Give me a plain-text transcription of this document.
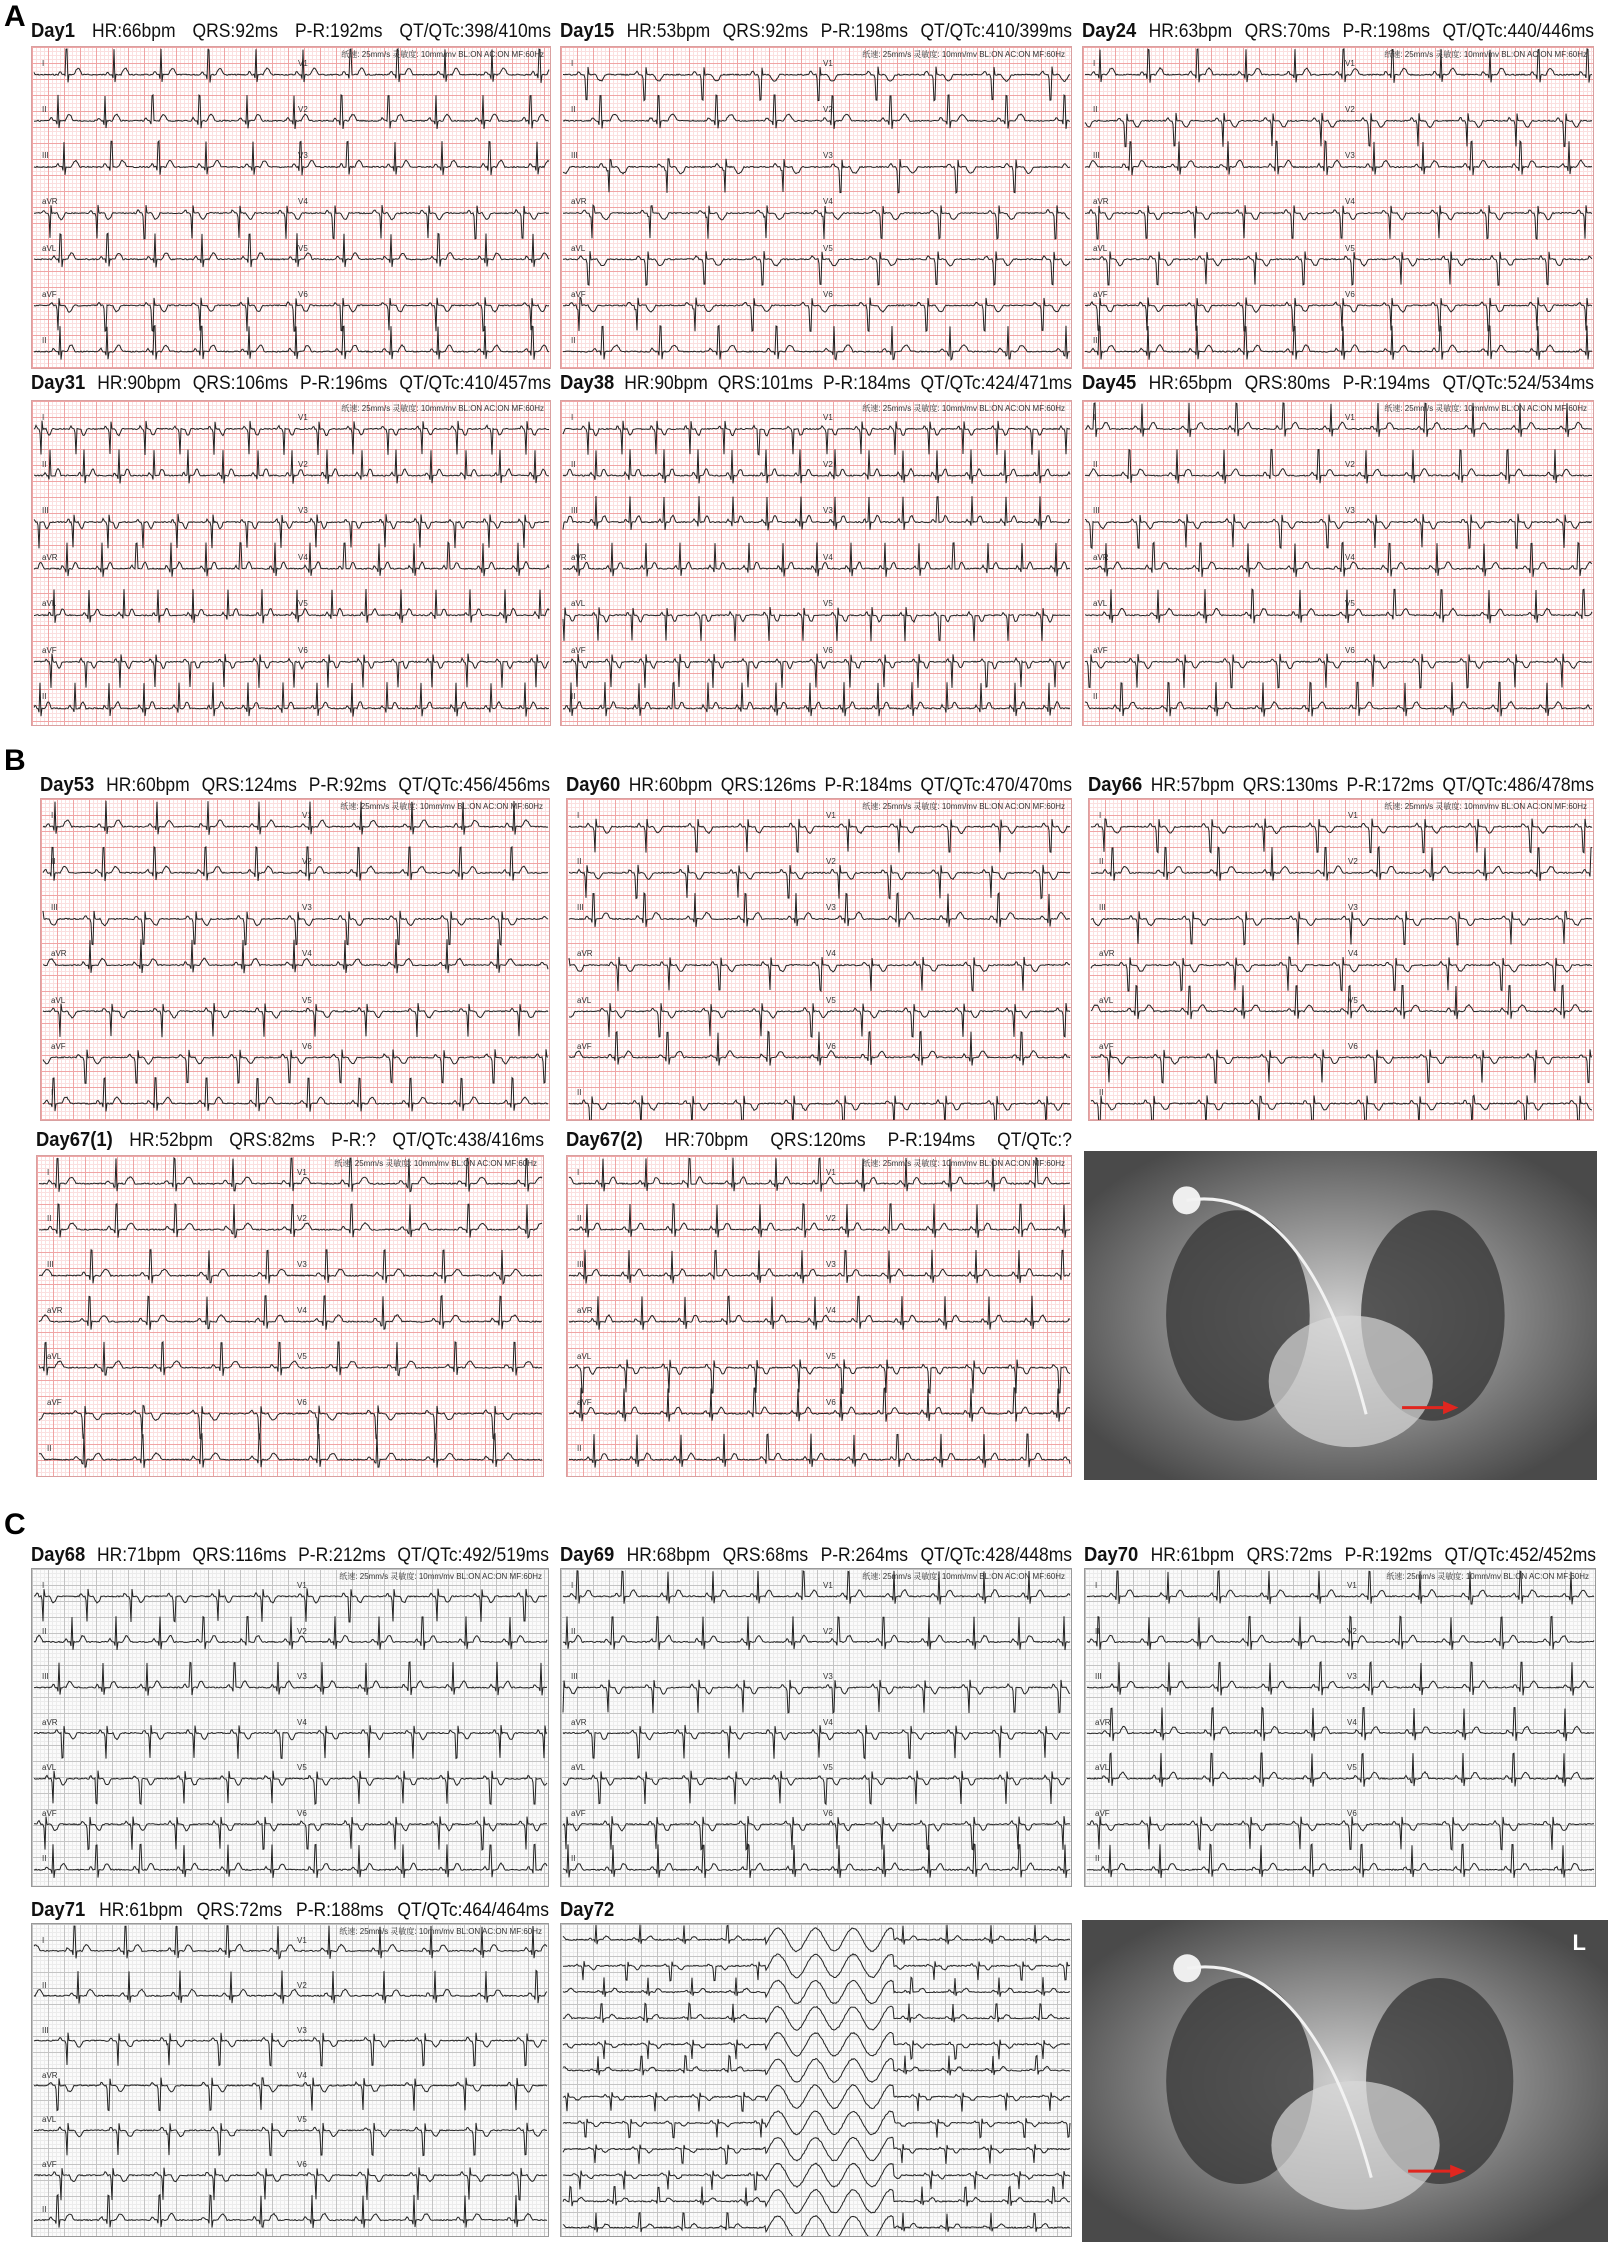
A
B
C
Day1 HR:66bpm QRS:92ms P-R:192ms QT/QTc:398/410ms
纸速: 25mm/s 灵敏度: 10mm/mv BL:ON AC:ON MF:60Hz
I
II
III
aVR
aVL
aVF
II
V1
V2
V3
V4
V5
V6
Day15 HR:53bpm QRS:92ms P-R:198ms QT/QTc:410/399ms
纸速: 25mm/s 灵敏度: 10mm/mv BL:ON AC:ON MF:60Hz
I
II
III
aVR
aVL
aVF
II
V1
V2
V3
V4
V5
V6
Day24 HR:63bpm QRS:70ms P-R:198ms QT/QTc:440/446ms
纸速: 25mm/s 灵敏度: 10mm/mv BL:ON AC:ON MF:60Hz
I
II
III
aVR
aVL
aVF
II
V1
V2
V3
V4
V5
V6
Day31 HR:90bpm QRS:106ms P-R:196ms QT/QTc:410/457ms
纸速: 25mm/s 灵敏度: 10mm/mv BL:ON AC:ON MF:60Hz
I
II
III
aVR
aVL
aVF
II
V1
V2
V3
V4
V5
V6
Day38 HR:90bpm QRS:101ms P-R:184ms QT/QTc:424/471ms
纸速: 25mm/s 灵敏度: 10mm/mv BL:ON AC:ON MF:60Hz
I
II
III
aVR
aVL
aVF
II
V1
V2
V3
V4
V5
V6
Day45 HR:65bpm QRS:80ms P-R:194ms QT/QTc:524/534ms
纸速: 25mm/s 灵敏度: 10mm/mv BL:ON AC:ON MF:60Hz
I
II
III
aVR
aVL
aVF
II
V1
V2
V3
V4
V5
V6
Day53 HR:60bpm QRS:124ms P-R:92ms QT/QTc:456/456ms
纸速: 25mm/s 灵敏度: 10mm/mv BL:ON AC:ON MF:60Hz
I
II
III
aVR
aVL
aVF
II
V1
V2
V3
V4
V5
V6
Day60 HR:60bpm QRS:126ms P-R:184ms QT/QTc:470/470ms
纸速: 25mm/s 灵敏度: 10mm/mv BL:ON AC:ON MF:60Hz
I
II
III
aVR
aVL
aVF
II
V1
V2
V3
V4
V5
V6
Day66 HR:57bpm QRS:130ms P-R:172ms QT/QTc:486/478ms
纸速: 25mm/s 灵敏度: 10mm/mv BL:ON AC:ON MF:60Hz
I
II
III
aVR
aVL
aVF
II
V1
V2
V3
V4
V5
V6
Day67(1) HR:52bpm QRS:82ms P-R:? QT/QTc:438/416ms
纸速: 25mm/s 灵敏度: 10mm/mv BL:ON AC:ON MF:60Hz
I
II
III
aVR
aVL
aVF
II
V1
V2
V3
V4
V5
V6
Day67(2) HR:70bpm QRS:120ms P-R:194ms QT/QTc:?
纸速: 25mm/s 灵敏度: 10mm/mv BL:ON AC:ON MF:60Hz
I
II
III
aVR
aVL
aVF
II
V1
V2
V3
V4
V5
V6
Day68 HR:71bpm QRS:116ms P-R:212ms QT/QTc:492/519ms
纸速: 25mm/s 灵敏度: 10mm/mv BL:ON AC:ON MF:60Hz
I
II
III
aVR
aVL
aVF
II
V1
V2
V3
V4
V5
V6
Day69 HR:68bpm QRS:68ms P-R:264ms QT/QTc:428/448ms
纸速: 25mm/s 灵敏度: 10mm/mv BL:ON AC:ON MF:60Hz
I
II
III
aVR
aVL
aVF
II
V1
V2
V3
V4
V5
V6
Day70 HR:61bpm QRS:72ms P-R:192ms QT/QTc:452/452ms
纸速: 25mm/s 灵敏度: 10mm/mv BL:ON AC:ON MF:60Hz
I
II
III
aVR
aVL
aVF
II
V1
V2
V3
V4
V5
V6
Day71 HR:61bpm QRS:72ms P-R:188ms QT/QTc:464/464ms
纸速: 25mm/s 灵敏度: 10mm/mv BL:ON AC:ON MF:60Hz
I
II
III
aVR
aVL
aVF
II
V1
V2
V3
V4
V5
V6
Day72
L
